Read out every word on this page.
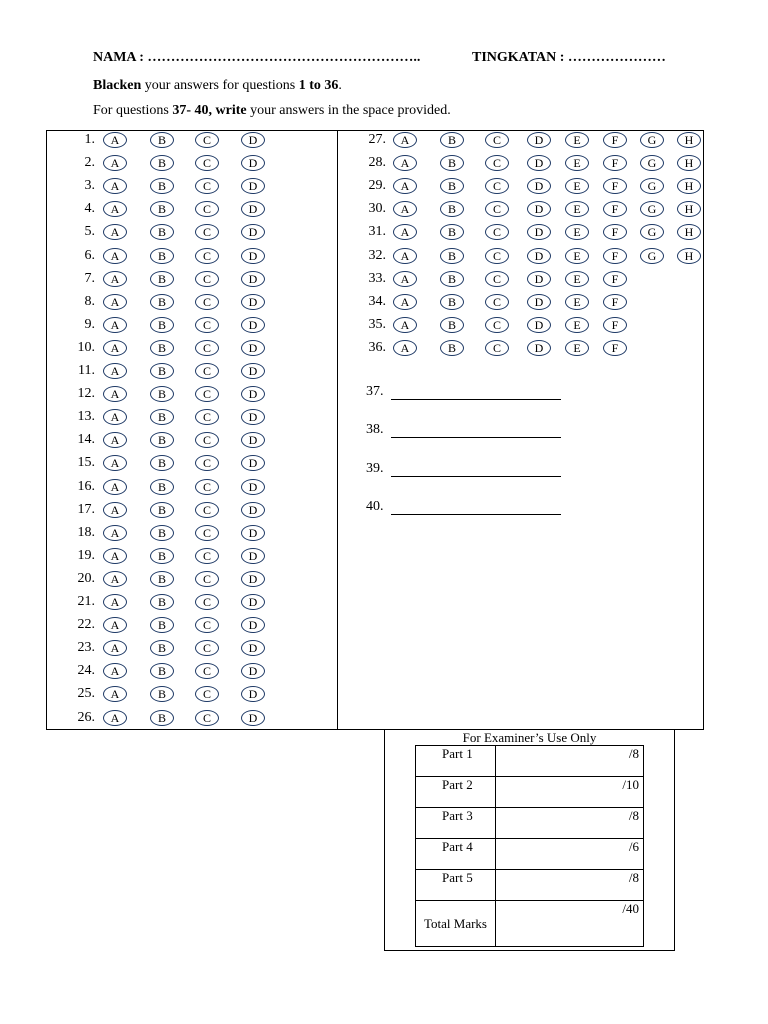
NAMA : …………………………………………………..	TINGKATAN : …………………
Blacken your answers for questions 1 to 36.
For questions 37- 40, write your answers in the space provided.
1.	A	B	C	D
2.	A	B	C	D
3.	A	B	C	D
4.	A	B	C	D
5.	A	B	C	D
6.	A	B	C	D
7.	A	B	C	D
8.	A	B	C	D
9.	A	B	C	D
10.	A	B	C	D
11.	A	B	C	D
12.	A	B	C	D
13.	A	B	C	D
14.	A	B	C	D
15.	A	B	C	D
16.	A	B	C	D
17.	A	B	C	D
18.	A	B	C	D
19.	A	B	C	D
20.	A	B	C	D
21.	A	B	C	D
22.	A	B	C	D
23.	A	B	C	D
24.	A	B	C	D
25.	A	B	C	D
26.	A	B	C	D
27.	A	B	C	D	E	F	G	H
28.	A	B	C	D	E	F	G	H
29.	A	B	C	D	E	F	G	H
30.	A	B	C	D	E	F	G	H
31.	A	B	C	D	E	F	G	H
32.	A	B	C	D	E	F	G	H
33.	A	B	C	D	E	F
34.	A	B	C	D	E	F
35.	A	B	C	D	E	F
36.	A	B	C	D	E	F
37.
38.
39.
40.
For Examiner’s Use Only
Part 1	/8
Part 2	/10
Part 3	/8
Part 4	/6
Part 5	/8
Total Marks	/40
